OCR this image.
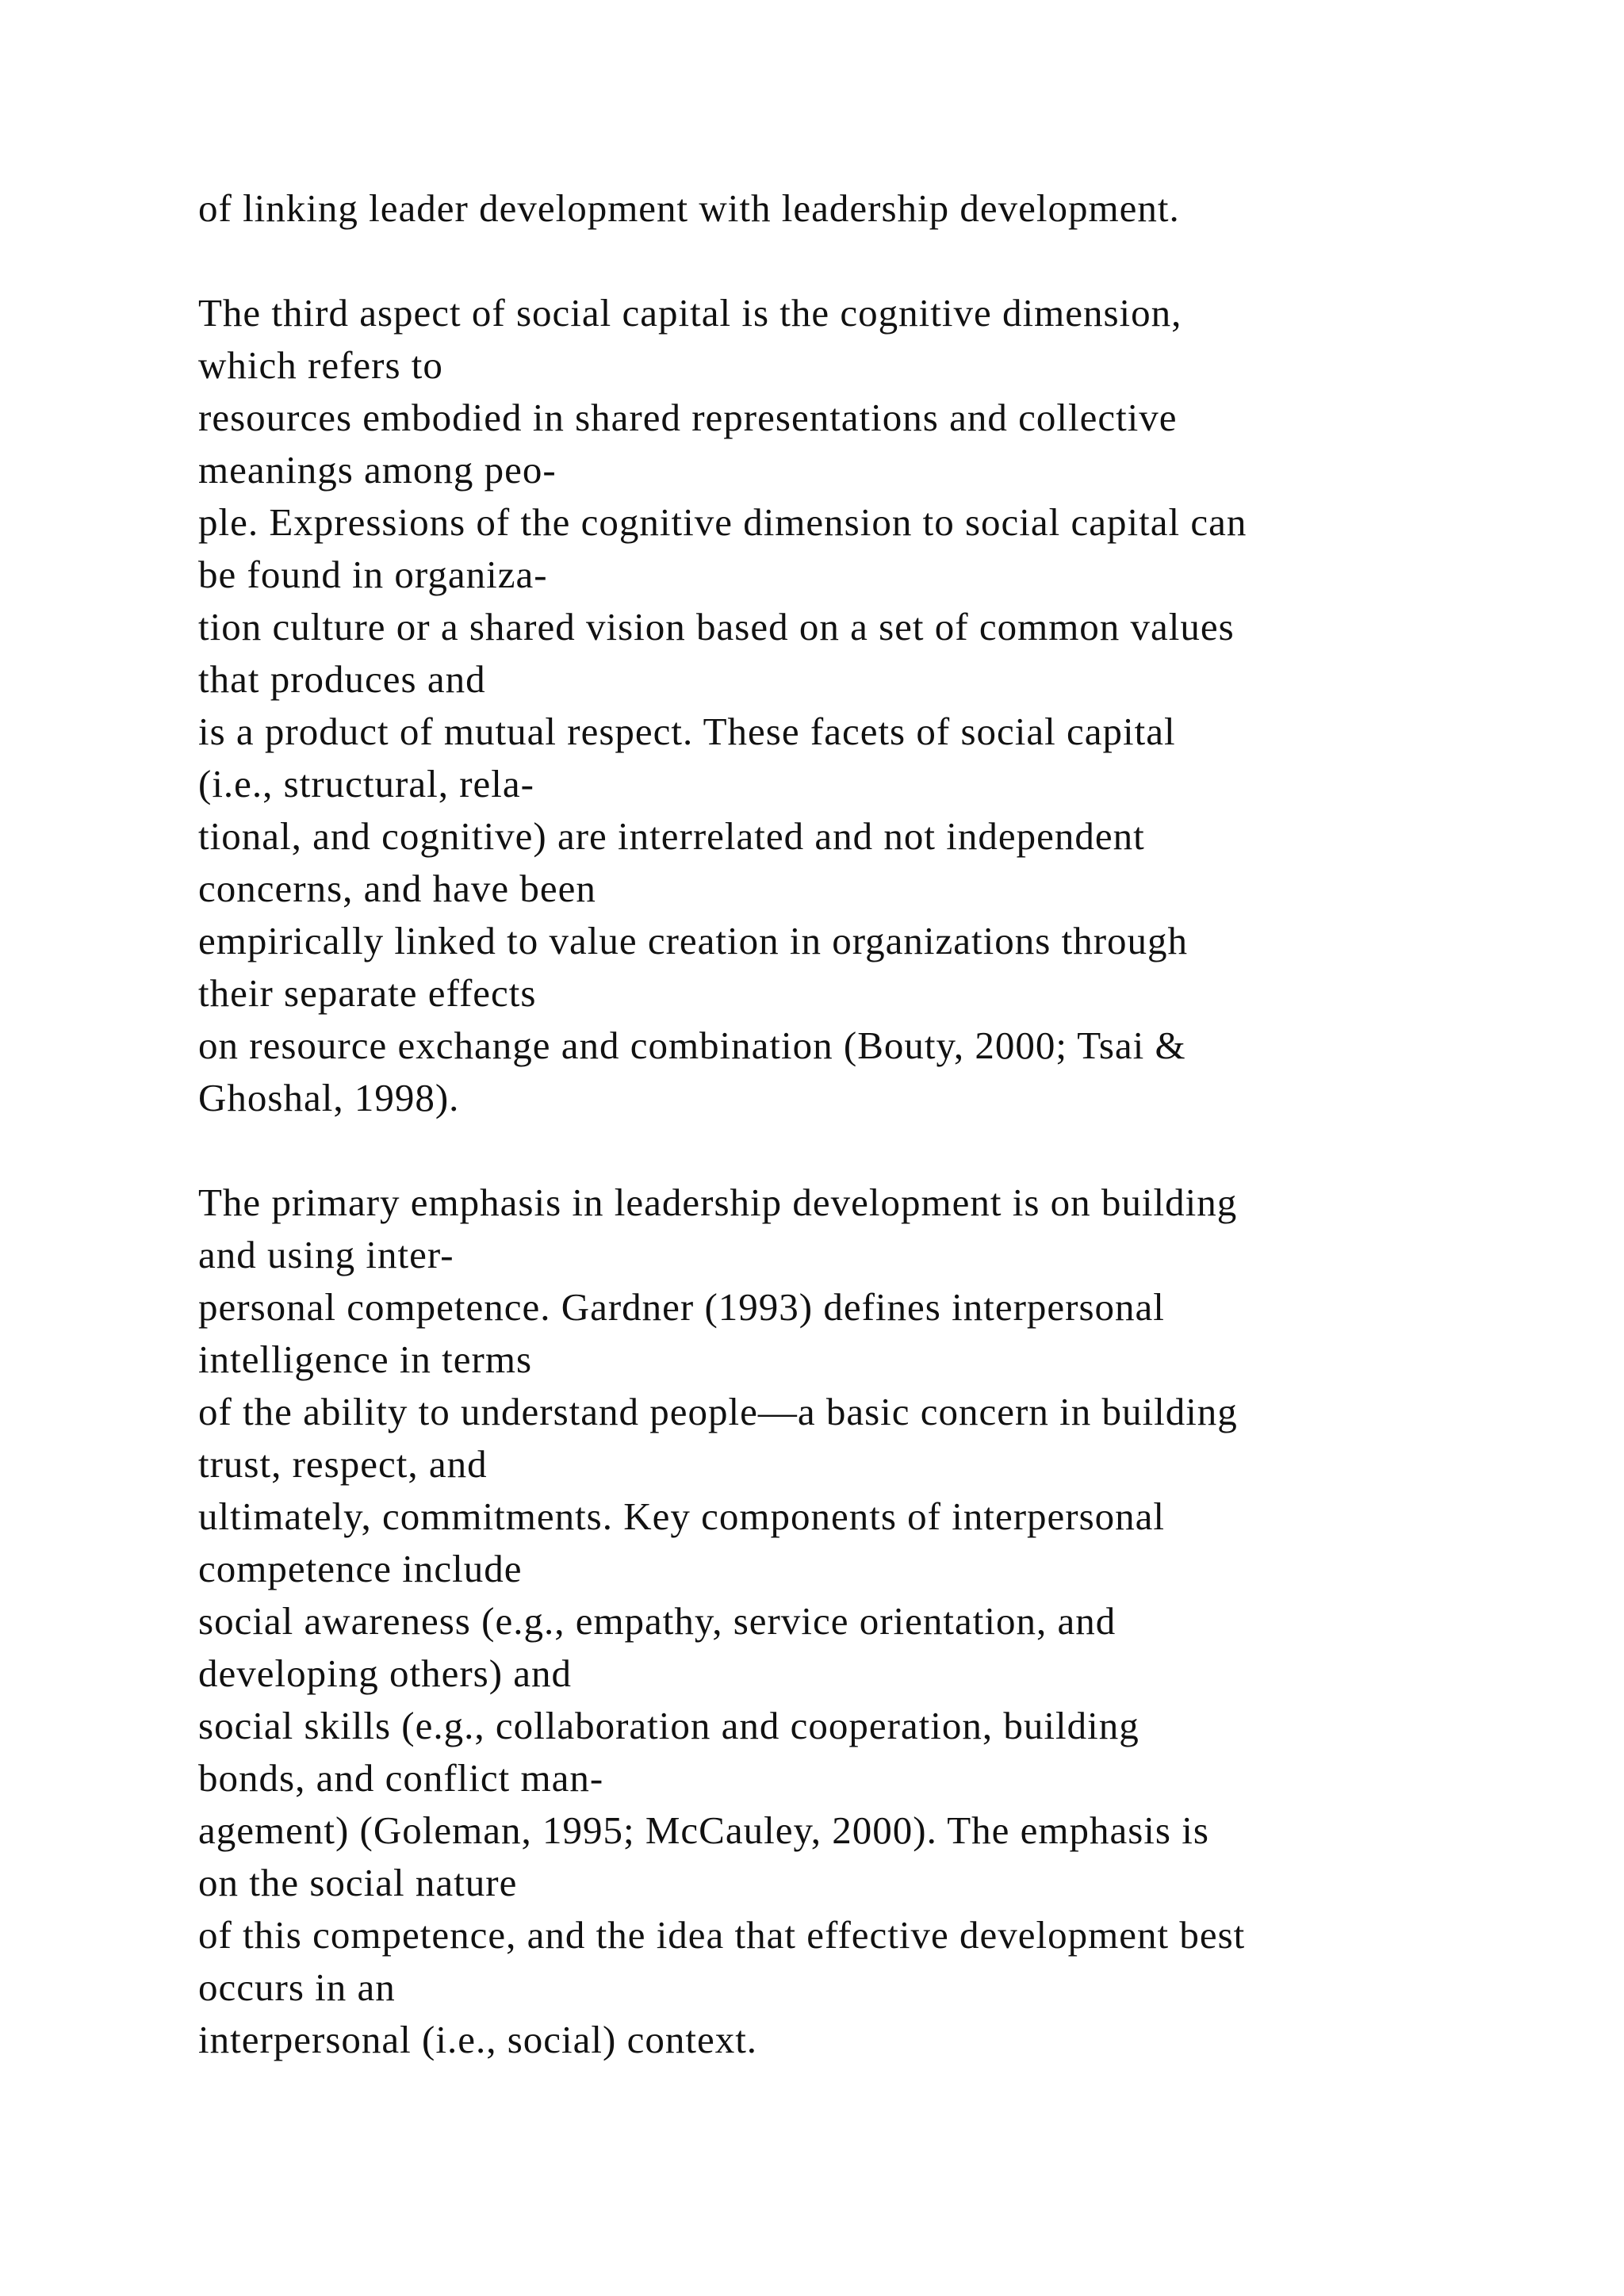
of linking leader development with leadership development.
The third aspect of social capital is the cognitive dimension,
which refers to
resources embodied in shared representations and collective
meanings among peo-
ple. Expressions of the cognitive dimension to social capital can
be found in organiza-
tion culture or a shared vision based on a set of common values
that produces and
is a product of mutual respect. These facets of social capital
(i.e., structural, rela-
tional, and cognitive) are interrelated and not independent
concerns, and have been
empirically linked to value creation in organizations through
their separate effects
on resource exchange and combination (Bouty, 2000; Tsai &
Ghoshal, 1998).
The primary emphasis in leadership development is on building
and using inter-
personal competence. Gardner (1993) defines interpersonal
intelligence in terms
of the ability to understand people—a basic concern in building
trust, respect, and
ultimately, commitments. Key components of interpersonal
competence include
social awareness (e.g., empathy, service orientation, and
developing others) and
social skills (e.g., collaboration and cooperation, building
bonds, and conflict man-
agement) (Goleman, 1995; McCauley, 2000). The emphasis is
on the social nature
of this competence, and the idea that effective development best
occurs in an
interpersonal (i.e., social) context.
